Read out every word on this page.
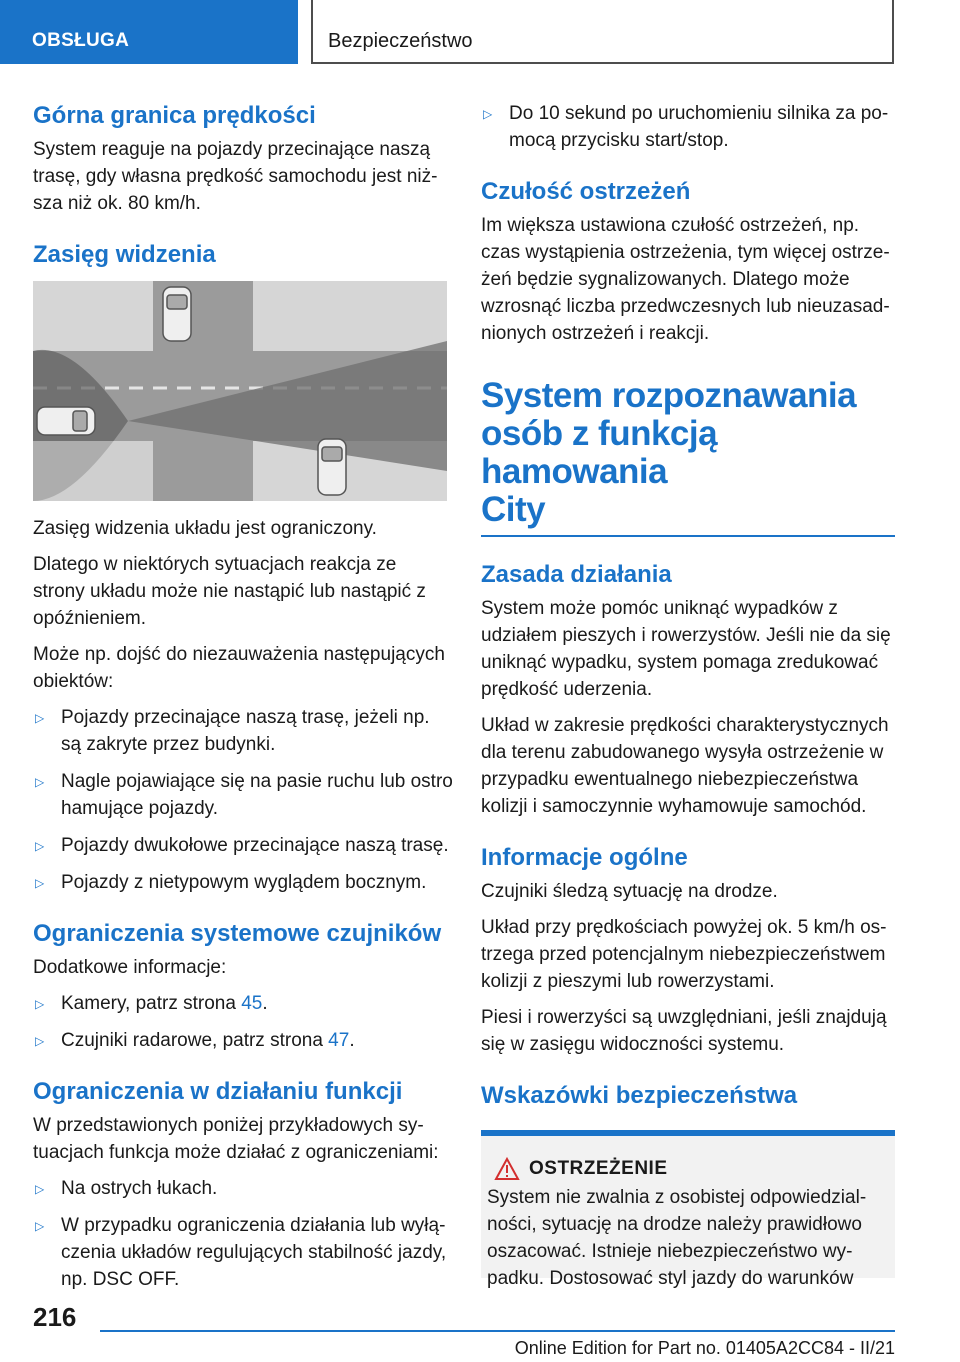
OBSŁUGA	Bezpieczeństwo
Górna granica prędkości

System reaguje na pojazdy przecinające naszą trasę, gdy własna prędkość samochodu jest niższa niż ok. 80 km/h.

Zasięg widzenia

Zasięg widzenia układu jest ograniczony.

Dlatego w niektórych sytuacjach reakcja ze strony układu może nie nastąpić lub nastąpić z opóźnieniem.

Może np. dojść do niezauważenia następujących obiektów:

▷ Pojazdy przecinające naszą trasę, jeżeli np. są zakryte przez budynki.
▷ Nagle pojawiające się na pasie ruchu lub ostro hamujące pojazdy.
▷ Pojazdy dwukołowe przecinające naszą trasę.
▷ Pojazdy z nietypowym wyglądem bocznym.
Ograniczenia systemowe czujników

Dodatkowe informacje:

▷ Kamery, patrz strona 45.
▷ Czujniki radarowe, patrz strona 47.
Ograniczenia w działaniu funkcji

W przedstawionych poniżej przykładowych sytuacjach funkcja może działać z ograniczeniami:

▷ Na ostrych łukach.
▷ W przypadku ograniczenia działania lub wyłączenia układów regulujących stabilność jazdy, np. DSC OFF.
▷ Do 10 sekund po uruchomieniu silnika za pomocą przycisku start/stop.
Czułość ostrzeżeń

Im większa ustawiona czułość ostrzeżeń, np. czas wystąpienia ostrzeżenia, tym więcej ostrzeżeń będzie sygnalizowanych. Dlatego może wzrosnąć liczba przedwczesnych lub nieuzasadnionych ostrzeżeń i reakcji.

System rozpoznawania
osób z funkcją hamowania
City
Zasada działania

System może pomóc uniknąć wypadków z udziałem pieszych i rowerzystów. Jeśli nie da się uniknąć wypadku, system pomaga zredukować prędkość uderzenia.

Układ w zakresie prędkości charakterystycznych dla terenu zabudowanego wysyła ostrzeżenie w przypadku ewentualnego niebezpieczeństwa kolizji i samoczynnie wyhamowuje samochód.

Informacje ogólne

Czujniki śledzą sytuację na drodze.

Układ przy prędkościach powyżej ok. 5 km/h ostrzega przed potencjalnym niebezpieczeństwem kolizji z pieszymi lub rowerzystami.

Piesi i rowerzyści są uwzględniani, jeśli znajdują się w zasięgu widoczności systemu.

Wskazówki bezpieczeństwa
OSTRZEŻENIE

System nie zwalnia z osobistej odpowiedzialności, sytuację na drodze należy prawidłowo oszacować. Istnieje niebezpieczeństwo wypadku. Dostosować styl jazdy do warunków

216
Online Edition for Part no. 01405A2CC84 - II/21
